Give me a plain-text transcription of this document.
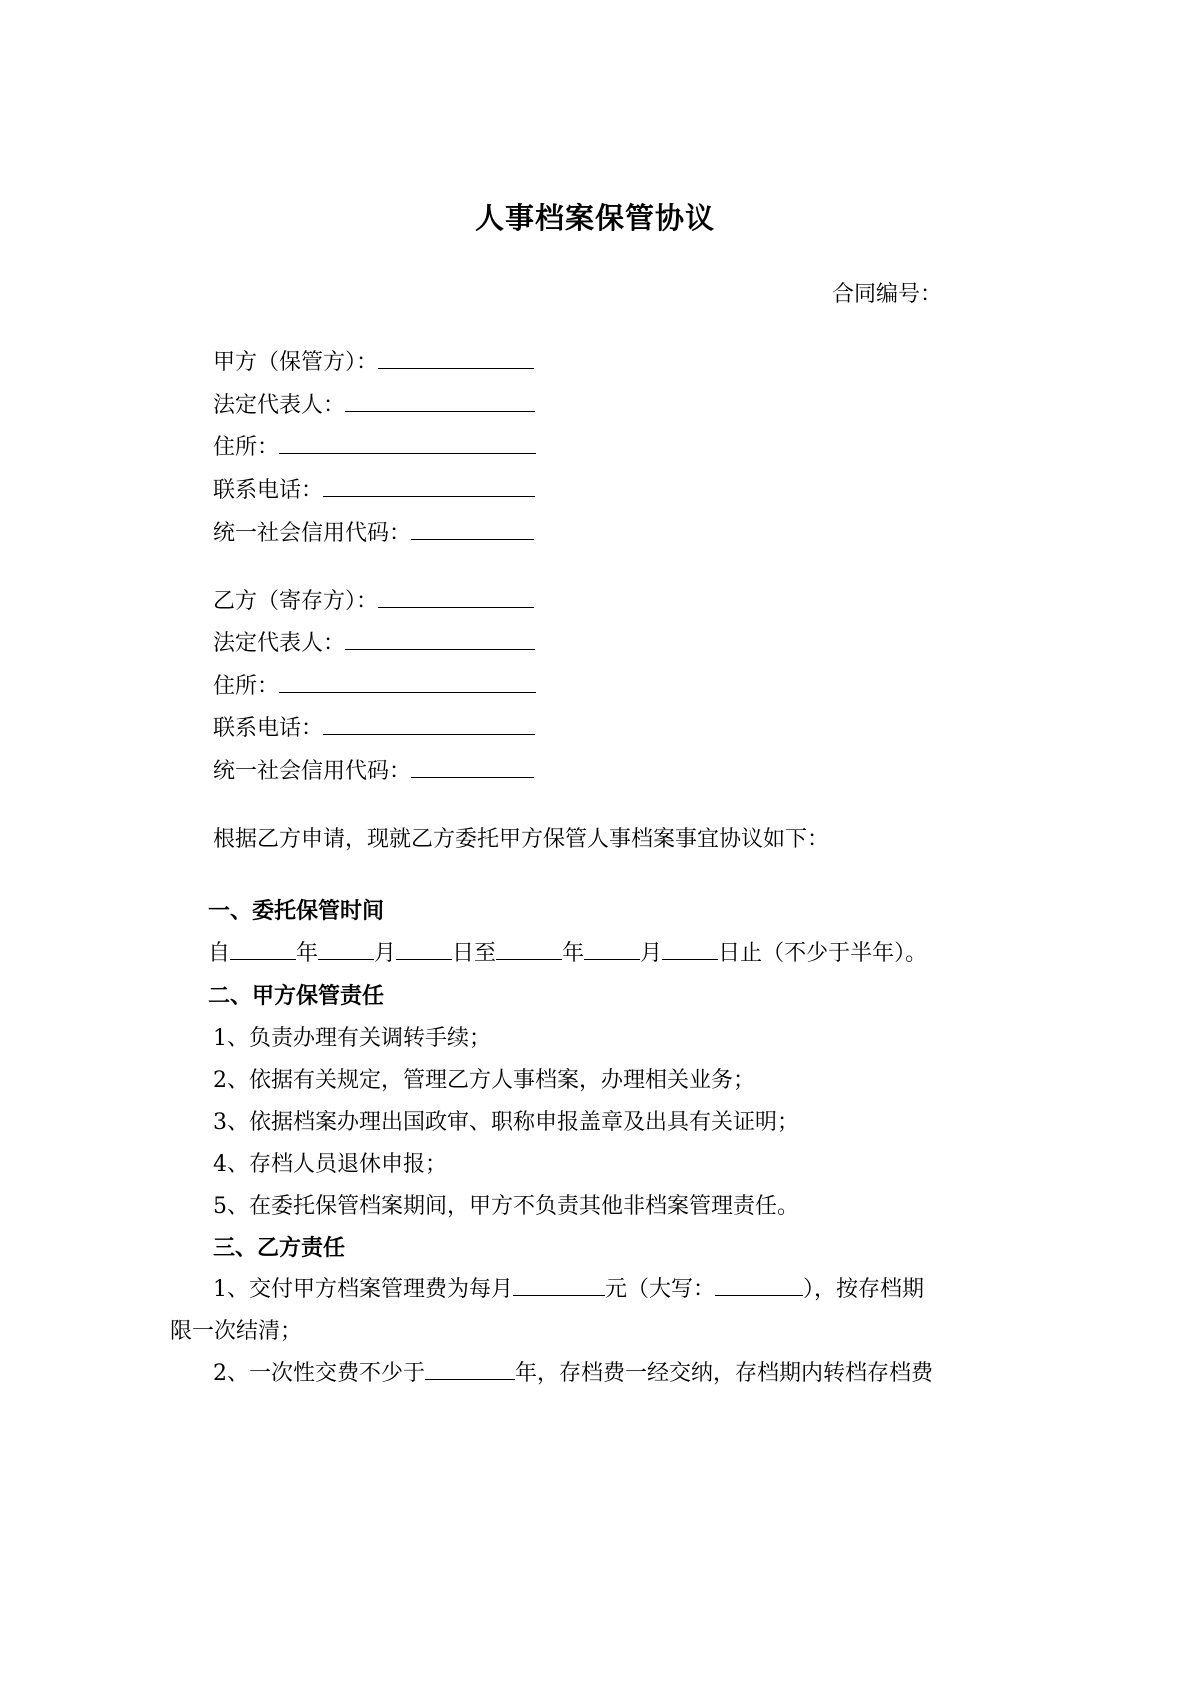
人事档案保管协议
合同编号：
甲方（保管方）：
法定代表人：
住所：
联系电话：
统一社会信用代码：
乙方（寄存方）：
法定代表人：
住所：
联系电话：
统一社会信用代码：
根据乙方申请，现就乙方委托甲方保管人事档案事宜协议如下：
一、委托保管时间
自	年	月	日至	年	月	日止（不少于半年）。
二、甲方保管责任
1、负责办理有关调转手续；
2、依据有关规定，管理乙方人事档案，办理相关业务；
3、依据档案办理出国政审、职称申报盖章及出具有关证明；
4、存档人员退休申报；
5、在委托保管档案期间，甲方不负责其他非档案管理责任。
三、乙方责任
1、交付甲方档案管理费为每月	元（大写：	），按存档期
限一次结清；
2、一次性交费不少于	年，存档费一经交纳，存档期内转档存档费
